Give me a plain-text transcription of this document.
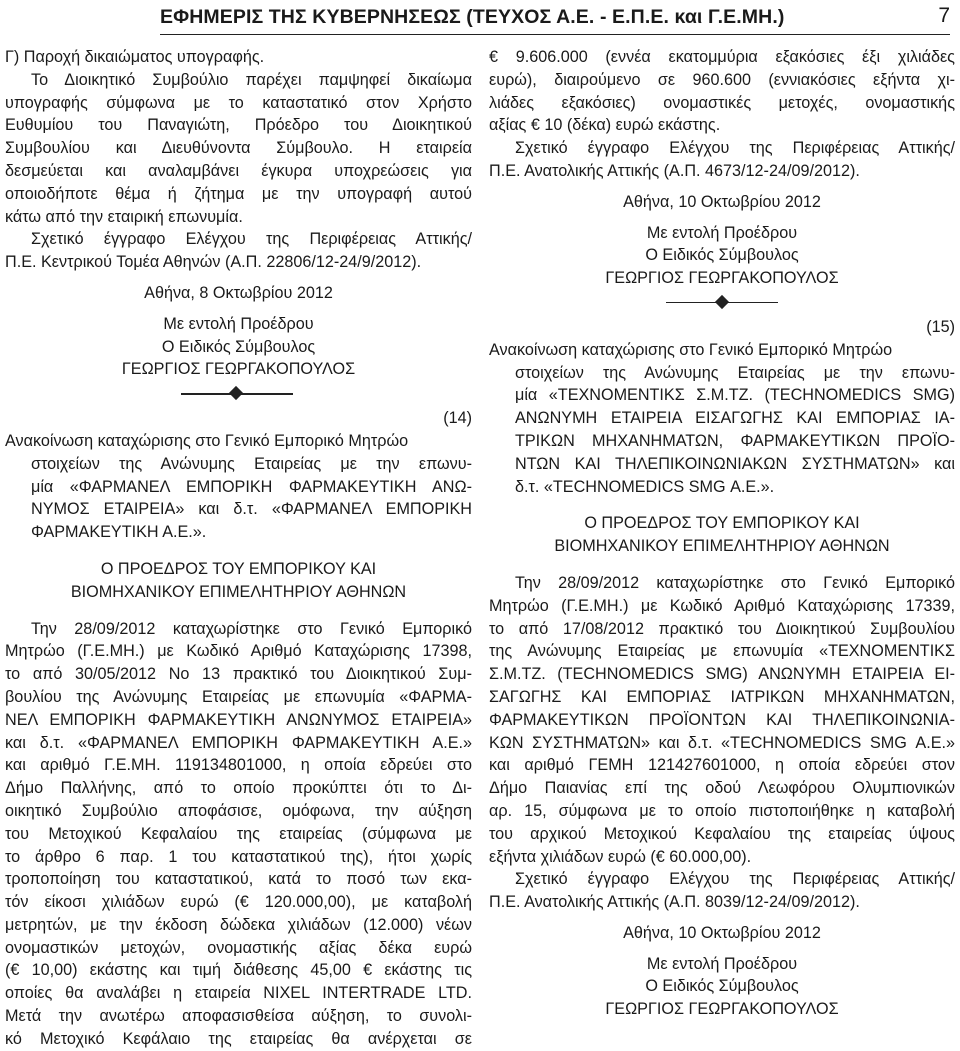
ΕΦΗΜΕΡΙΣ ΤΗΣ ΚΥΒΕΡΝΗΣΕΩΣ (ΤΕΥΧΟΣ Α.Ε. - Ε.Π.Ε. και Γ.Ε.ΜΗ.)	7

Γ) Παροχή δικαιώματος υπογραφής.

Το Διοικητικό Συμβούλιο παρέχει παμψηφεί δικαίωμα

υπογραφής σύμφωνα με το καταστατικό στον Χρήστο

Ευθυμίου του Παναγιώτη, Πρόεδρο του Διοικητικού

Συμβουλίου και Διευθύνοντα Σύμβουλο. Η εταιρεία

δεσμεύεται και αναλαμβάνει έγκυρα υποχρεώσεις για

οποιοδήποτε θέμα ή ζήτημα με την υπογραφή αυτού

κάτω από την εταιρική επωνυμία.

Σχετικό έγγραφο Ελέγχου της Περιφέρειας Αττικής/

Π.Ε. Κεντρικού Τομέα Αθηνών (Α.Π. 22806/12-24/9/2012).

Αθήνα, 8 Οκτωβρίου 2012

Με εντολή Προέδρου

Ο Ειδικός Σύμβουλος

ΓΕΩΡΓΙΟΣ ΓΕΩΡΓΑΚΟΠΟΥΛΟΣ

(14)

Ανακοίνωση καταχώρισης στο Γενικό Εμπορικό Μητρώο

στοιχείων της Ανώνυμης Εταιρείας με την επωνυ-

μία «ΦΑΡΜΑΝΕΛ ΕΜΠΟΡΙΚΗ ΦΑΡΜΑΚΕΥΤΙΚΗ ΑΝΩ-

ΝΥΜΟΣ ΕΤΑΙΡΕΙΑ» και δ.τ. «ΦΑΡΜΑΝΕΛ ΕΜΠΟΡΙΚΗ

ΦΑΡΜΑΚΕΥΤΙΚΗ Α.Ε.».

Ο ΠΡΟΕΔΡΟΣ ΤΟΥ ΕΜΠΟΡΙΚΟΥ ΚΑΙ

ΒΙΟΜΗΧΑΝΙΚΟΥ ΕΠΙΜΕΛΗΤΗΡΙΟΥ ΑΘΗΝΩΝ

Την 28/09/2012 καταχωρίστηκε στο Γενικό Εμπορικό

Μητρώο (Γ.Ε.ΜΗ.) με Κωδικό Αριθμό Καταχώρισης 17398,

το από 30/05/2012 Νο 13 πρακτικό του Διοικητικού Συμ-

βουλίου της Ανώνυμης Εταιρείας με επωνυμία «ΦΑΡΜΑ-

ΝΕΛ ΕΜΠΟΡΙΚΗ ΦΑΡΜΑΚΕΥΤΙΚΗ ΑΝΩΝΥΜΟΣ ΕΤΑΙΡΕΙΑ»

και δ.τ. «ΦΑΡΜΑΝΕΛ ΕΜΠΟΡΙΚΗ ΦΑΡΜΑΚΕΥΤΙΚΗ Α.Ε.»

και αριθμό Γ.Ε.ΜΗ. 119134801000, η οποία εδρεύει στο

Δήμο Παλλήνης, από το οποίο προκύπτει ότι το Δι-

οικητικό Συμβούλιο αποφάσισε, ομόφωνα, την αύξηση

του Μετοχικού Κεφαλαίου της εταιρείας (σύμφωνα με

το άρθρο 6 παρ. 1 του καταστατικού της), ήτοι χωρίς

τροποποίηση του καταστατικού, κατά το ποσό των εκα-

τόν είκοσι χιλιάδων ευρώ (€ 120.000,00), με καταβολή

μετρητών, με την έκδοση δώδεκα χιλιάδων (12.000) νέων

ονομαστικών μετοχών, ονομαστικής αξίας δέκα ευρώ

(€ 10,00) εκάστης και τιμή διάθεσης 45,00 € εκάστης τις

οποίες θα αναλάβει η εταιρεία NIXEL INTERTRADE LTD.

Μετά την ανωτέρω αποφασισθείσα αύξηση, το συνολι-

κό Μετοχικό Κεφάλαιο της εταιρείας θα ανέρχεται σε

€ 9.606.000 (εννέα εκατομμύρια εξακόσιες έξι χιλιάδες

ευρώ), διαιρούμενο σε 960.600 (εννιακόσιες εξήντα χι-

λιάδες εξακόσιες) ονομαστικές μετοχές, ονομαστικής

αξίας € 10 (δέκα) ευρώ εκάστης.

Σχετικό έγγραφο Ελέγχου της Περιφέρειας Αττικής/

Π.Ε. Ανατολικής Αττικής (Α.Π. 4673/12-24/09/2012).

Αθήνα, 10 Οκτωβρίου 2012

Με εντολή Προέδρου

Ο Ειδικός Σύμβουλος

ΓΕΩΡΓΙΟΣ ΓΕΩΡΓΑΚΟΠΟΥΛΟΣ

(15)

Ανακοίνωση καταχώρισης στο Γενικό Εμπορικό Μητρώο

στοιχείων της Ανώνυμης Εταιρείας με την επωνυ-

μία «ΤΕΧΝΟΜΕΝΤΙΚΣ Σ.Μ.ΤΖ. (TECHNOMEDICS SMG)

ΑΝΩΝΥΜΗ ΕΤΑΙΡΕΙΑ ΕΙΣΑΓΩΓΗΣ ΚΑΙ ΕΜΠΟΡΙΑΣ ΙΑ-

ΤΡΙΚΩΝ ΜΗΧΑΝΗΜΑΤΩΝ, ΦΑΡΜΑΚΕΥΤΙΚΩΝ ΠΡΟΪΟ-

ΝΤΩΝ ΚΑΙ ΤΗΛΕΠΙΚΟΙΝΩΝΙΑΚΩΝ ΣΥΣΤΗΜΑΤΩΝ» και

δ.τ. «TECHNOMEDICS SMG Α.Ε.».

Ο ΠΡΟΕΔΡΟΣ ΤΟΥ ΕΜΠΟΡΙΚΟΥ ΚΑΙ

ΒΙΟΜΗΧΑΝΙΚΟΥ ΕΠΙΜΕΛΗΤΗΡΙΟΥ ΑΘΗΝΩΝ

Την 28/09/2012 καταχωρίστηκε στο Γενικό Εμπορικό

Μητρώο (Γ.Ε.ΜΗ.) με Κωδικό Αριθμό Καταχώρισης 17339,

το από 17/08/2012 πρακτικό του Διοικητικού Συμβουλίου

της Ανώνυμης Εταιρείας με επωνυμία «ΤΕΧΝΟΜΕΝΤΙΚΣ

Σ.Μ.ΤΖ. (TECHNOMEDICS SMG) ΑΝΩΝΥΜΗ ΕΤΑΙΡΕΙΑ ΕΙ-

ΣΑΓΩΓΗΣ ΚΑΙ ΕΜΠΟΡΙΑΣ ΙΑΤΡΙΚΩΝ ΜΗΧΑΝΗΜΑΤΩΝ,

ΦΑΡΜΑΚΕΥΤΙΚΩΝ ΠΡΟΪΟΝΤΩΝ ΚΑΙ ΤΗΛΕΠΙΚΟΙΝΩΝΙΑ-

ΚΩΝ ΣΥΣΤΗΜΑΤΩΝ» και δ.τ. «TECHNOMEDICS SMG Α.Ε.»

και αριθμό ΓΕΜΗ 121427601000, η οποία εδρεύει στον

Δήμο Παιανίας επί της οδού Λεωφόρου Ολυμπιονικών

αρ. 15, σύμφωνα με το οποίο πιστοποιήθηκε η καταβολή

του αρχικού Μετοχικού Κεφαλαίου της εταιρείας ύψους

εξήντα χιλιάδων ευρώ (€ 60.000,00).

Σχετικό έγγραφο Ελέγχου της Περιφέρειας Αττικής/

Π.Ε. Ανατολικής Αττικής (Α.Π. 8039/12-24/09/2012).

Αθήνα, 10 Οκτωβρίου 2012

Με εντολή Προέδρου

Ο Ειδικός Σύμβουλος

ΓΕΩΡΓΙΟΣ ΓΕΩΡΓΑΚΟΠΟΥΛΟΣ
